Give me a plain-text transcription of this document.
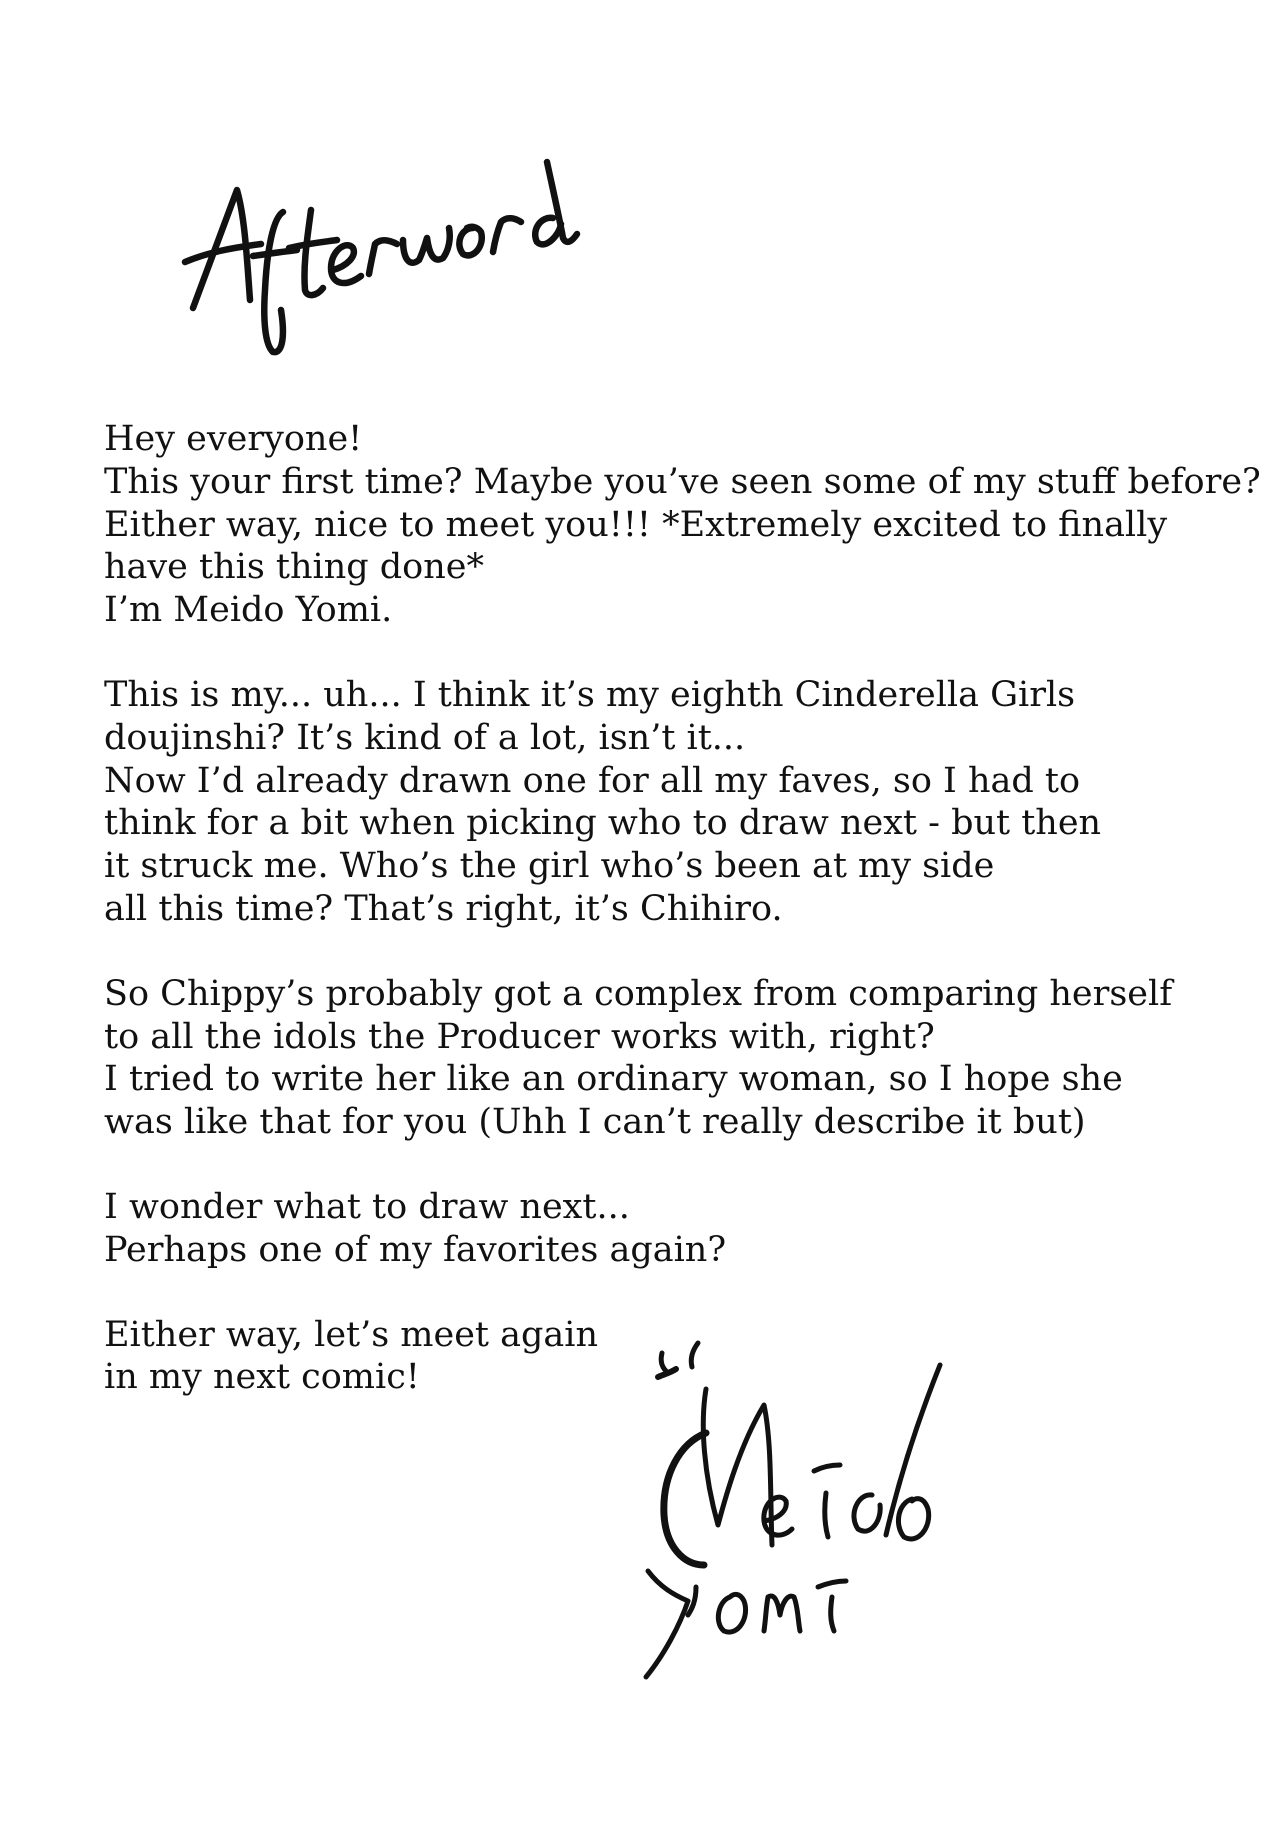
Hey everyone!
This your first time? Maybe you’ve seen some of my stuff before?
Either way, nice to meet you!!! *Extremely excited to finally
have this thing done*
I’m Meido Yomi.

This is my... uh... I think it’s my eighth Cinderella Girls
doujinshi? It’s kind of a lot, isn’t it...
Now I’d already drawn one for all my faves, so I had to
think for a bit when picking who to draw next - but then
it struck me. Who’s the girl who’s been at my side
all this time? That’s right, it’s Chihiro.

So Chippy’s probably got a complex from comparing herself
to all the idols the Producer works with, right?
I tried to write her like an ordinary woman, so I hope she
was like that for you (Uhh I can’t really describe it but)

I wonder what to draw next...
Perhaps one of my favorites again?

Either way, let’s meet again
in my next comic!
